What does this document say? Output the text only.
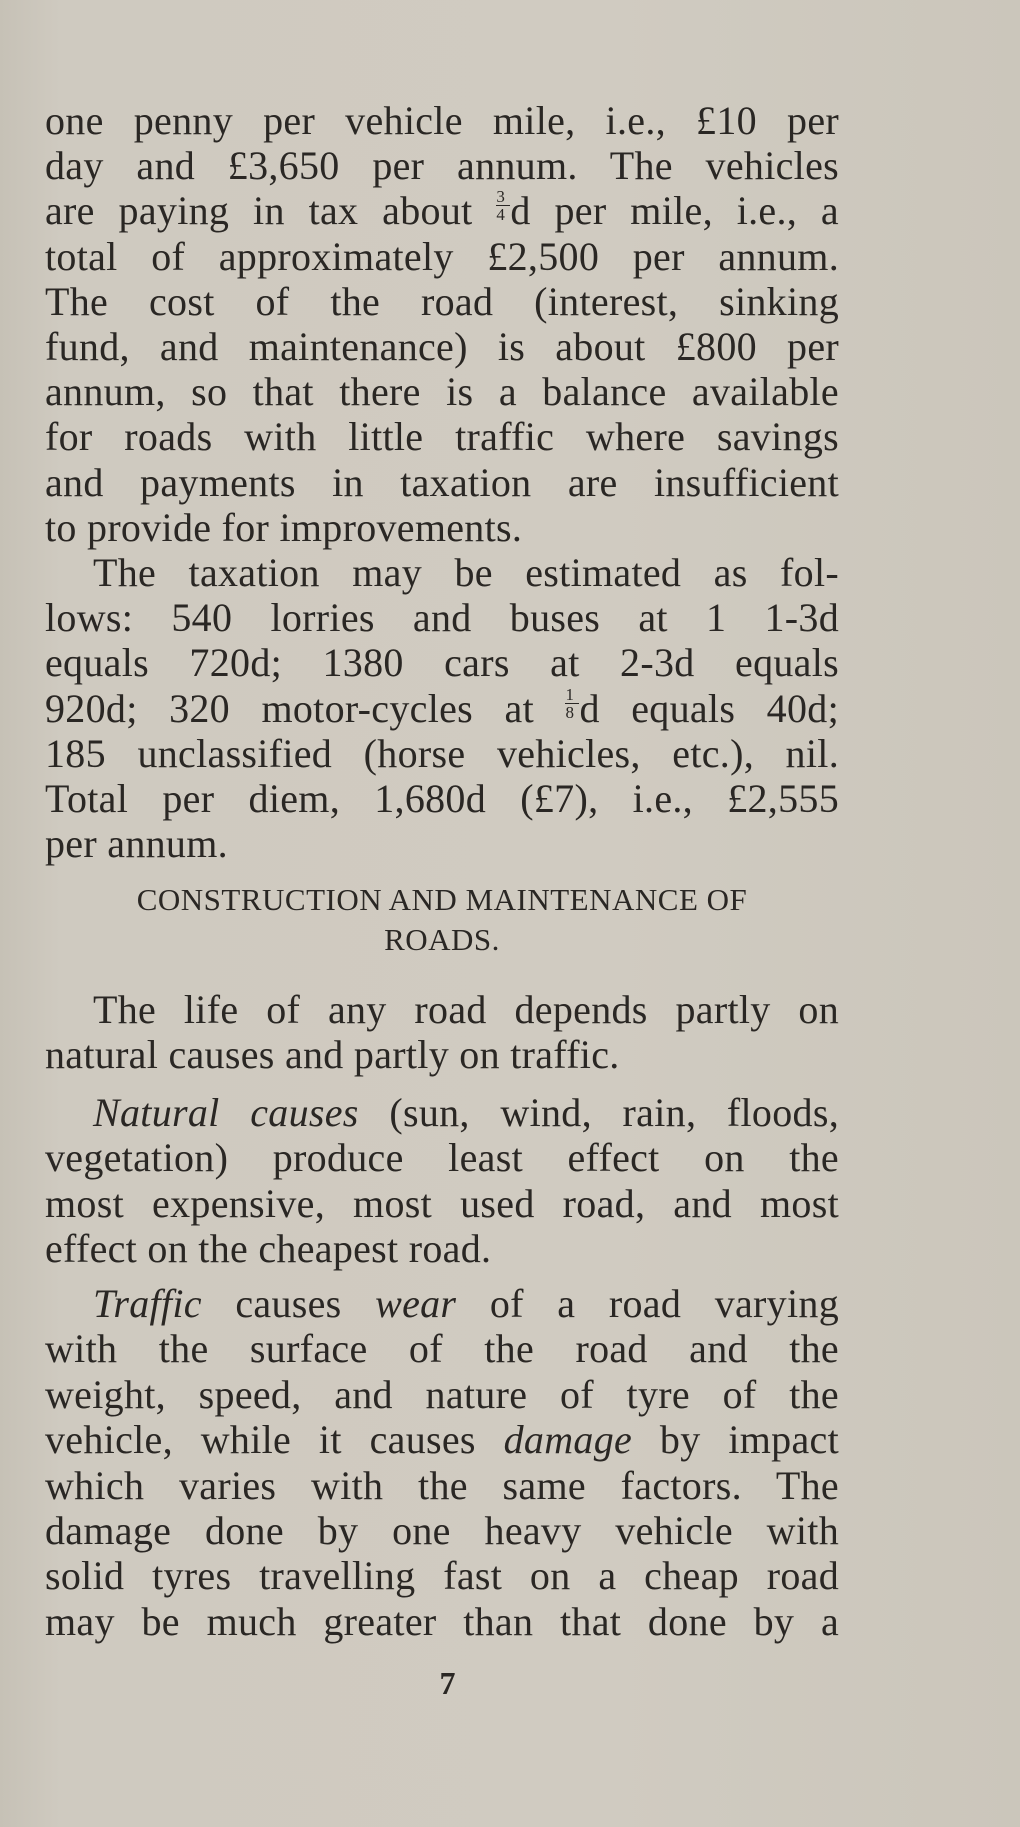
one penny per vehicle mile, i.e., £10 per
day and £3,650 per annum. The vehicles
are paying in tax about $\frac{3}{4}$ d per mile, i.e., a
total of approximately £2,500 per annum.
The cost of the road (interest, sinking
fund, and maintenance) is about £800 per
annum, so that there is a balance available
for roads with little traffic where savings
and payments in taxation are insufficient
to provide for improvements.
The taxation may be estimated as fol-
lows: 540 lorries and buses at 1 1-3d
equals 720d; 1380 cars at 2-3d equals
920d; 320 motor-cycles at $\frac{1}{8}$ d equals 40d;
185 unclassified (horse vehicles, etc.), nil.
Total per diem, 1,680d (£7), i.e., £2,555
per annum.
CONSTRUCTION AND MAINTENANCE OF
ROADS.
The life of any road depends partly on
natural causes and partly on traffic.
Natural causes (sun, wind, rain, floods,
vegetation) produce least effect on the
most expensive, most used road, and most
effect on the cheapest road.
Traffic causes wear of a road varying
with the surface of the road and the
weight, speed, and nature of tyre of the
vehicle, while it causes damage by impact
which varies with the same factors. The
damage done by one heavy vehicle with
solid tyres travelling fast on a cheap road
may be much greater than that done by a
7
